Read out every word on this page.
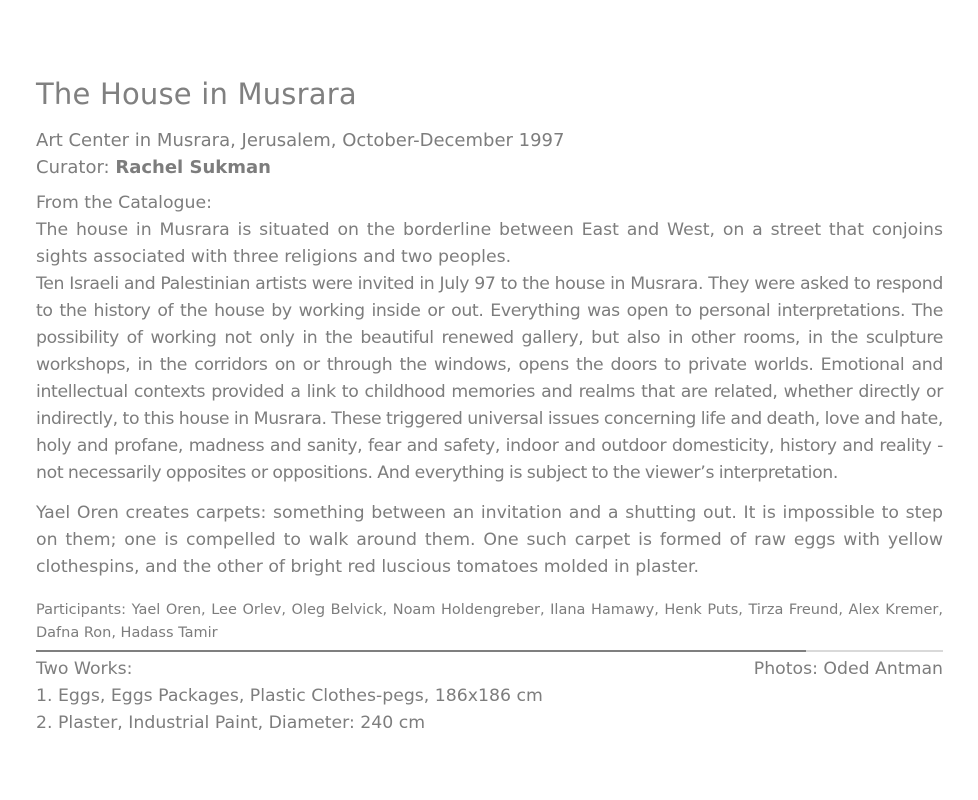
The House in Musrara
Art Center in Musrara, Jerusalem, October-December 1997
Curator: Rachel Sukman
From the Catalogue:

The house in Musrara is situated on the borderline between East and West, on a street that conjoins sights associated with three religions and two peoples.

Ten Israeli and Palestinian artists were invited in July 97 to the house in Musrara. They were asked to respond to the history of the house by working inside or out. Everything was open to personal interpretations. The possibility of working not only in the beautiful renewed gallery, but also in other rooms, in the sculpture workshops, in the corridors on or through the windows, opens the doors to private worlds. Emotional and intellectual contexts provided a link to childhood memories and realms that are related, whether directly or indirectly, to this house in Musrara. These triggered universal issues concerning life and death, love and hate, holy and profane, madness and sanity, fear and safety, indoor and outdoor domesticity, history and reality - not necessarily opposites or oppositions. And everything is subject to the viewer’s interpretation.

Yael Oren creates carpets: something between an invitation and a shutting out. It is impossible to step on them; one is compelled to walk around them. One such carpet is formed of raw eggs with yellow clothespins, and the other of bright red luscious tomatoes molded in plaster.

Participants: Yael Oren, Lee Orlev, Oleg Belvick, Noam Holdengreber, Ilana Hamawy, Henk Puts, Tirza Freund, Alex Kremer, Dafna Ron, Hadass Tamir
Two Works:	Photos: Oded Antman
1. Eggs, Eggs Packages, Plastic Clothes-pegs, 186x186 cm
2. Plaster, Industrial Paint, Diameter: 240 cm
